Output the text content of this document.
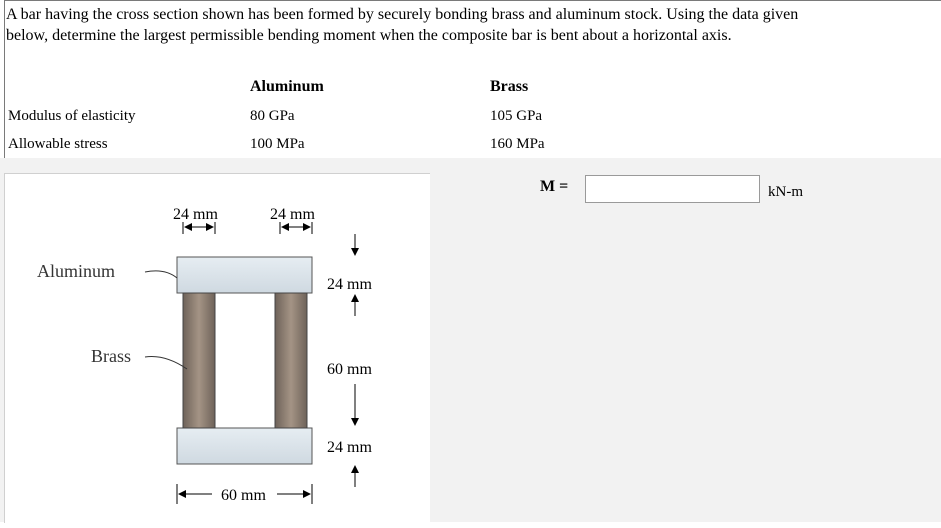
A bar having the cross section shown has been formed by securely bonding brass and aluminum stock. Using the data given
below, determine the largest permissible bending moment when the composite bar is bent about a horizontal axis.
Aluminum	Brass
Modulus of elasticity	80 GPa	105 GPa
Allowable stress	100 MPa	160 MPa
24 mm	24 mm
24 mm
60 mm
24 mm
60 mm
Aluminum
Brass
M =	kN-m
